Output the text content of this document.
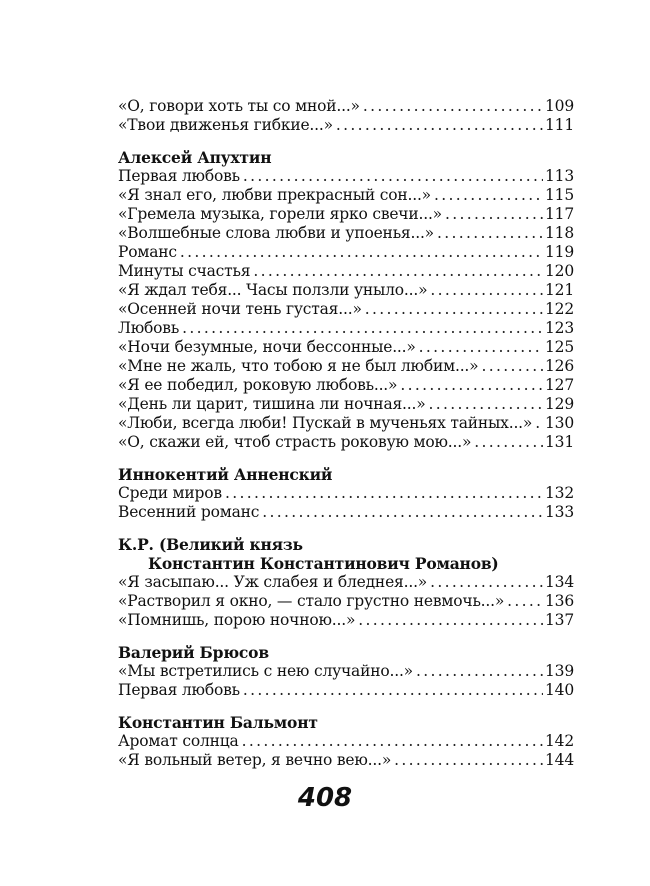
«О, говори хоть ты со мной...» . . .	109
«Твои движенья гибкие...» . . .	111
Алексей Апухтин
Первая любовь . . .	113
«Я знал его, любви прекрасный сон...» . . .	115
«Гремела музыка, горели ярко свечи...» . . .	117
«Волшебные слова любви и упоенья...» . . .	118
Романс . . .	119
Минуты счастья . . .	120
«Я ждал тебя... Часы ползли уныло...» . . .	121
«Осенней ночи тень густая...» . . .	122
Любовь . . .	123
«Ночи безумные, ночи бессонные...» . . .	125
«Мне не жаль, что тобою я не был любим...» . . .	126
«Я ее победил, роковую любовь...» . . .	127
«День ли царит, тишина ли ночная...» . . .	129
«Люби, всегда люби! Пускай в мученьях тайных...» . . . 130
«О, скажи ей, чтоб страсть роковую мою...» . . .	131
Иннокентий Анненский
Среди миров . . .	132
Весенний романс . . .	133
К.Р. (Великий князь
Константин Константинович Романов)
«Я засыпаю... Уж слабея и бледнея...» . . .	134
«Растворил я окно, — стало грустно невмочь...» . . .	136
«Помнишь, порою ночною...» . . .	137
Валерий Брюсов
«Мы встретились с нею случайно...» . . .	139
Первая любовь . . .	140
Константин Бальмонт
Аромат солнца . . .	142
«Я вольный ветер, я вечно вею...» . . .	144
408
